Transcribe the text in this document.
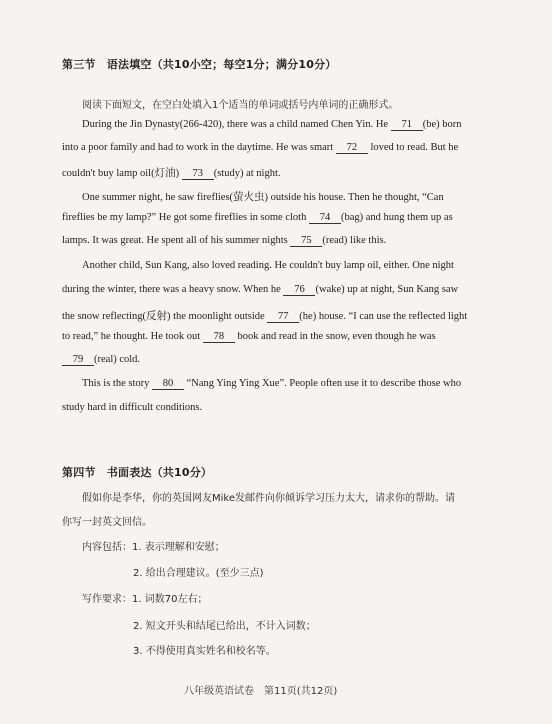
第三节　语法填空（共10小空；每空1分；满分10分）
阅读下面短文，在空白处填入1个适当的单词或括号内单词的正确形式。
During the Jin Dynasty(266-420), there was a child named Chen Yin. He 71 (be) born
into a poor family and had to work in the daytime. He was smart 72 loved to read. But he
couldn't buy lamp oil(灯油) 73 (study) at night.
One summer night, he saw fireflies(萤火虫) outside his house. Then he thought, “Can
fireflies be my lamp?” He got some fireflies in some cloth 74 (bag) and hung them up as
lamps. It was great. He spent all of his summer nights 75 (read) like this.
Another child, Sun Kang, also loved reading. He couldn't buy lamp oil, either. One night
during the winter, there was a heavy snow. When he 76 (wake) up at night, Sun Kang saw
the snow reflecting(反射) the moonlight outside 77 (he) house. “I can use the reflected light
to read,” he thought. He took out 78 book and read in the snow, even though he was
79 (real) cold.
This is the story 80 “Nang Ying Ying Xue”. People often use it to describe those who
study hard in difficult conditions.
第四节　书面表达（共10分）
假如你是李华，你的英国网友Mike发邮件向你倾诉学习压力太大，请求你的帮助。请
你写一封英文回信。
内容包括：1. 表示理解和安慰；
2. 给出合理建议。(至少三点)
写作要求：1. 词数70左右；
2. 短文开头和结尾已给出，不计入词数；
3. 不得使用真实姓名和校名等。
八年级英语试卷　第11页(共12页)
